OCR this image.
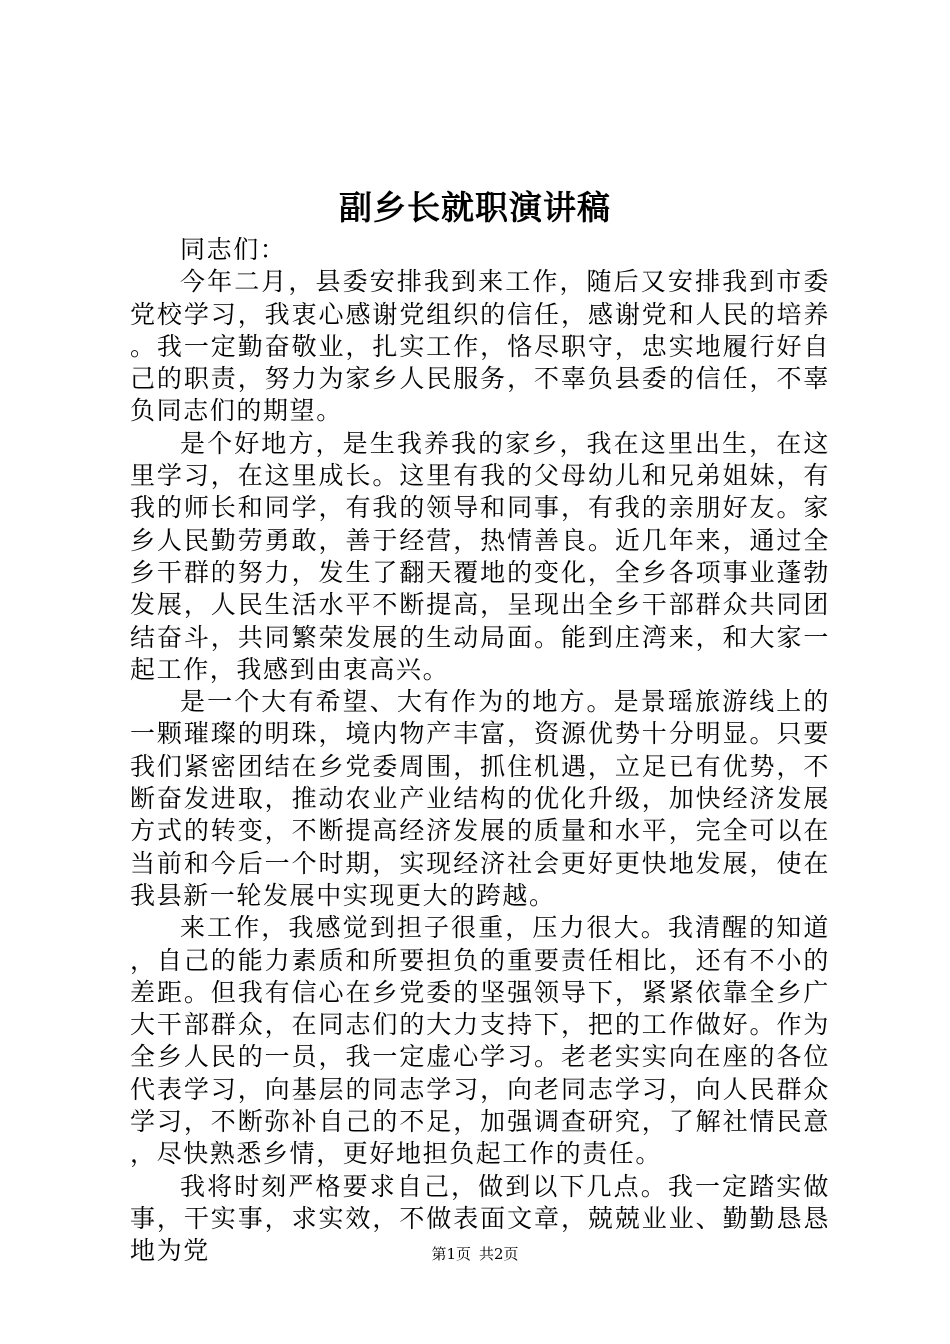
副乡长就职演讲稿

同志们：

今年二月，县委安排我到来工作，随后又安排我到市委党校学习，我衷心感谢党组织的信任，感谢党和人民的培养。我一定勤奋敬业，扎实工作，恪尽职守，忠实地履行好自己的职责，努力为家乡人民服务，不辜负县委的信任，不辜负同志们的期望。

是个好地方，是生我养我的家乡，我在这里出生，在这里学习，在这里成长。这里有我的父母幼儿和兄弟姐妹，有我的师长和同学，有我的领导和同事，有我的亲朋好友。家乡人民勤劳勇敢，善于经营，热情善良。近几年来，通过全乡干群的努力，发生了翻天覆地的变化，全乡各项事业蓬勃发展，人民生活水平不断提高，呈现出全乡干部群众共同团结奋斗，共同繁荣发展的生动局面。能到庄湾来，和大家一起工作，我感到由衷高兴。

是一个大有希望、大有作为的地方。是景瑶旅游线上的一颗璀璨的明珠，境内物产丰富，资源优势十分明显。只要我们紧密团结在乡党委周围，抓住机遇，立足已有优势，不断奋发进取，推动农业产业结构的优化升级，加快经济发展方式的转变，不断提高经济发展的质量和水平，完全可以在当前和今后一个时期，实现经济社会更好更快地发展，使在我县新一轮发展中实现更大的跨越。

来工作，我感觉到担子很重，压力很大。我清醒的知道，自己的能力素质和所要担负的重要责任相比，还有不小的差距。但我有信心在乡党委的坚强领导下，紧紧依靠全乡广大干部群众，在同志们的大力支持下，把的工作做好。作为全乡人民的一员，我一定虚心学习。老老实实向在座的各位代表学习，向基层的同志学习，向老同志学习，向人民群众学习，不断弥补自己的不足，加强调查研究，了解社情民意，尽快熟悉乡情，更好地担负起工作的责任。

我将时刻严格要求自己，做到以下几点。我一定踏实做事，干实事，求实效，不做表面文章，兢兢业业、勤勤恳恳地为党	第1页 共2页
